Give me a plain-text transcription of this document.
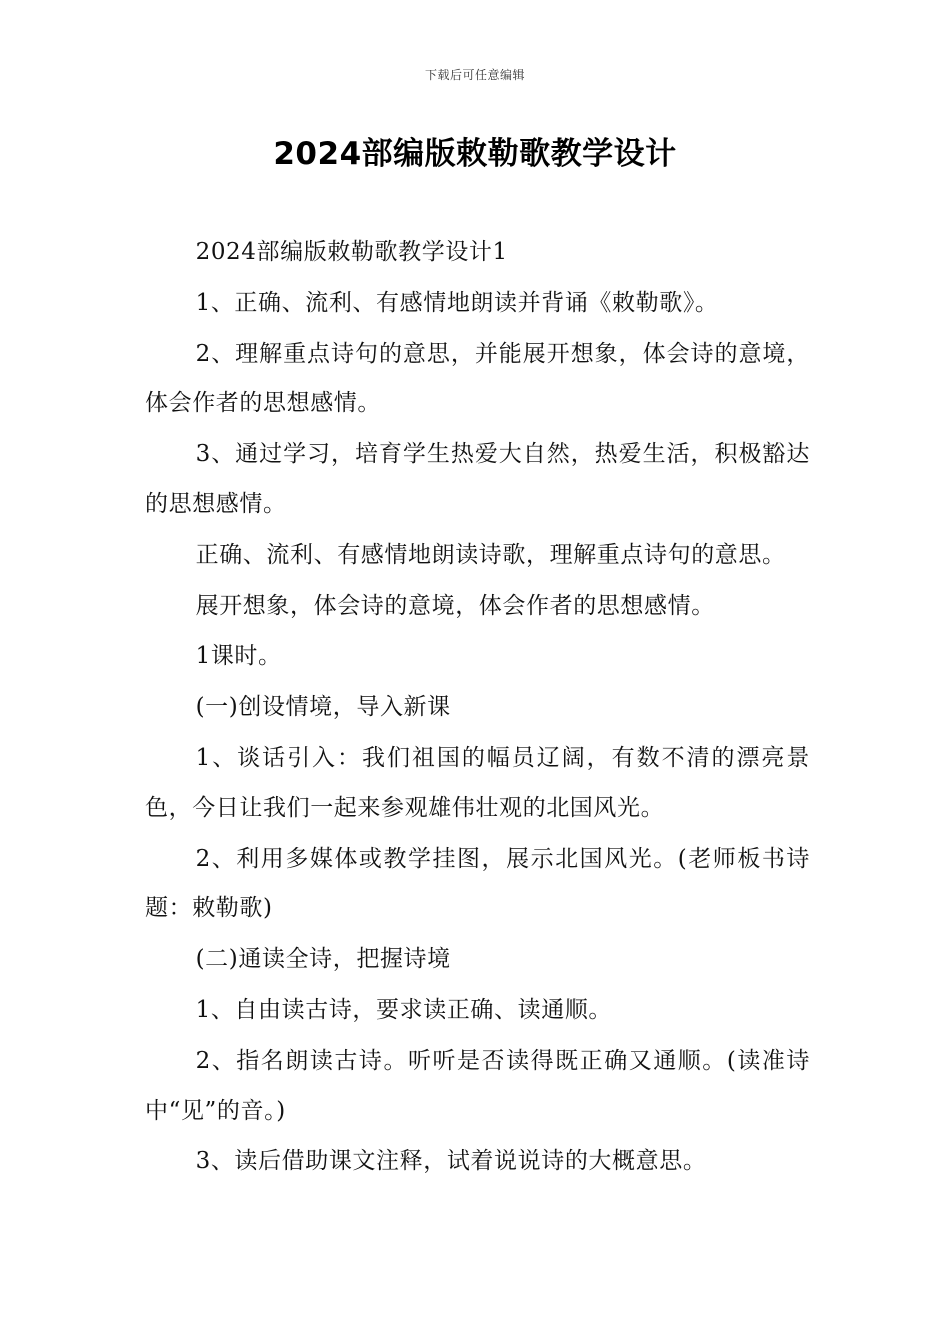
下载后可任意编辑
2024部编版敕勒歌教学设计

2024部编版敕勒歌教学设计1

1、正确、流利、有感情地朗读并背诵《敕勒歌》。

2、理解重点诗句的意思，并能展开想象，体会诗的意境，体会作者的思想感情。

3、通过学习，培育学生热爱大自然，热爱生活，积极豁达的思想感情。

正确、流利、有感情地朗读诗歌，理解重点诗句的意思。

展开想象，体会诗的意境，体会作者的思想感情。

1课时。

(一)创设情境，导入新课

1、谈话引入：我们祖国的幅员辽阔，有数不清的漂亮景色，今日让我们一起来参观雄伟壮观的北国风光。

2、利用多媒体或教学挂图，展示北国风光。(老师板书诗题：敕勒歌)

(二)通读全诗，把握诗境

1、自由读古诗，要求读正确、读通顺。

2、指名朗读古诗。听听是否读得既正确又通顺。(读准诗中“见”的音。)

3、读后借助课文注释，试着说说诗的大概意思。
